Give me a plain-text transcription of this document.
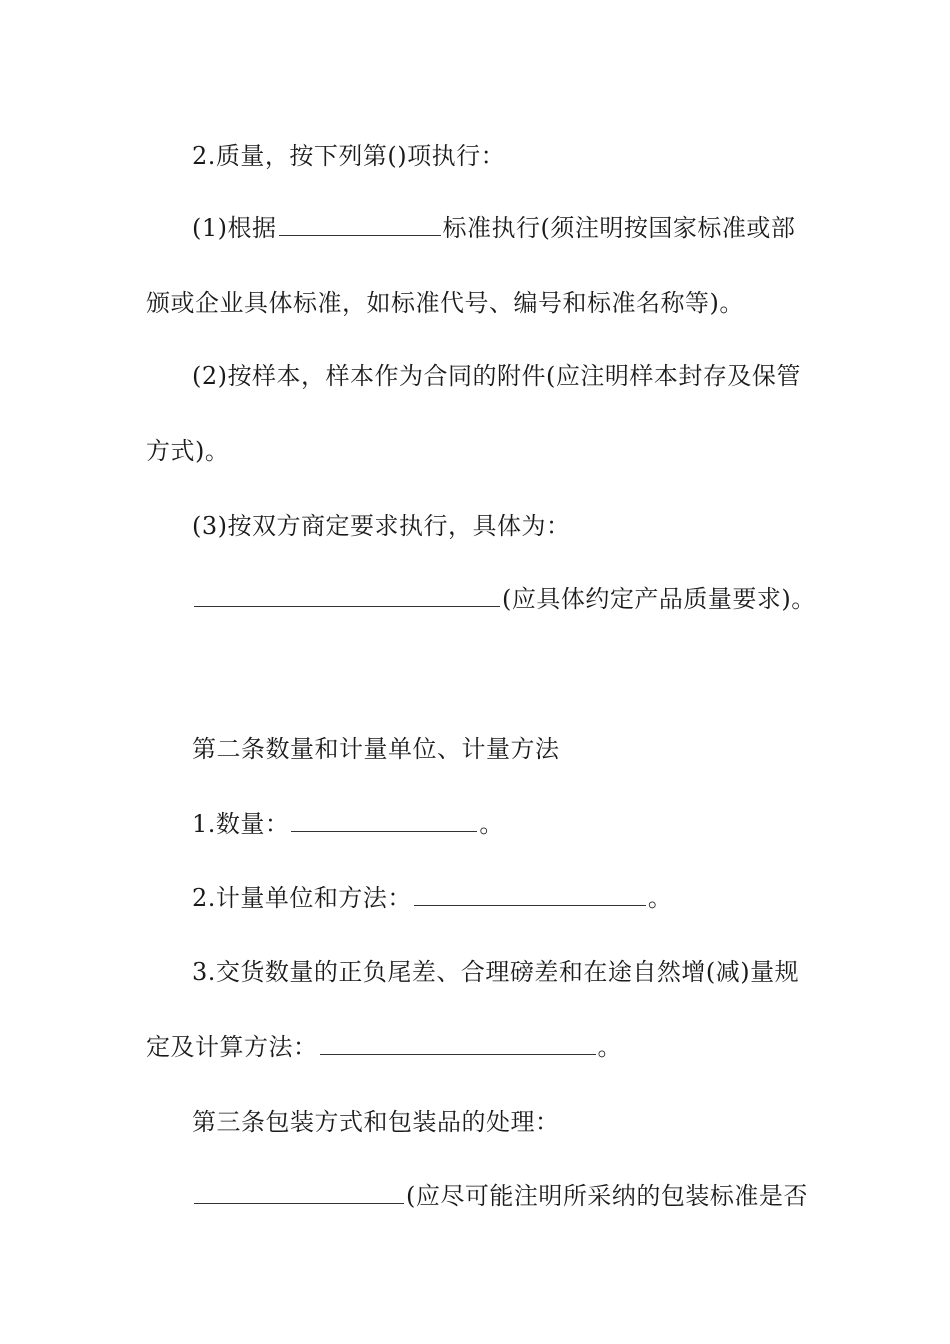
2.质量，按下列第()项执行：
(1)根据	标准执行(须注明按国家标准或部
颁或企业具体标准，如标准代号、编号和标准名称等)。
(2)按样本，样本作为合同的附件(应注明样本封存及保管
方式)。
(3)按双方商定要求执行，具体为：
(应具体约定产品质量要求)。
第二条数量和计量单位、计量方法
1.数量：	。
2.计量单位和方法：	。
3.交货数量的正负尾差、合理磅差和在途自然增(减)量规
定及计算方法：	。
第三条包装方式和包装品的处理：
(应尽可能注明所采纳的包装标准是否
